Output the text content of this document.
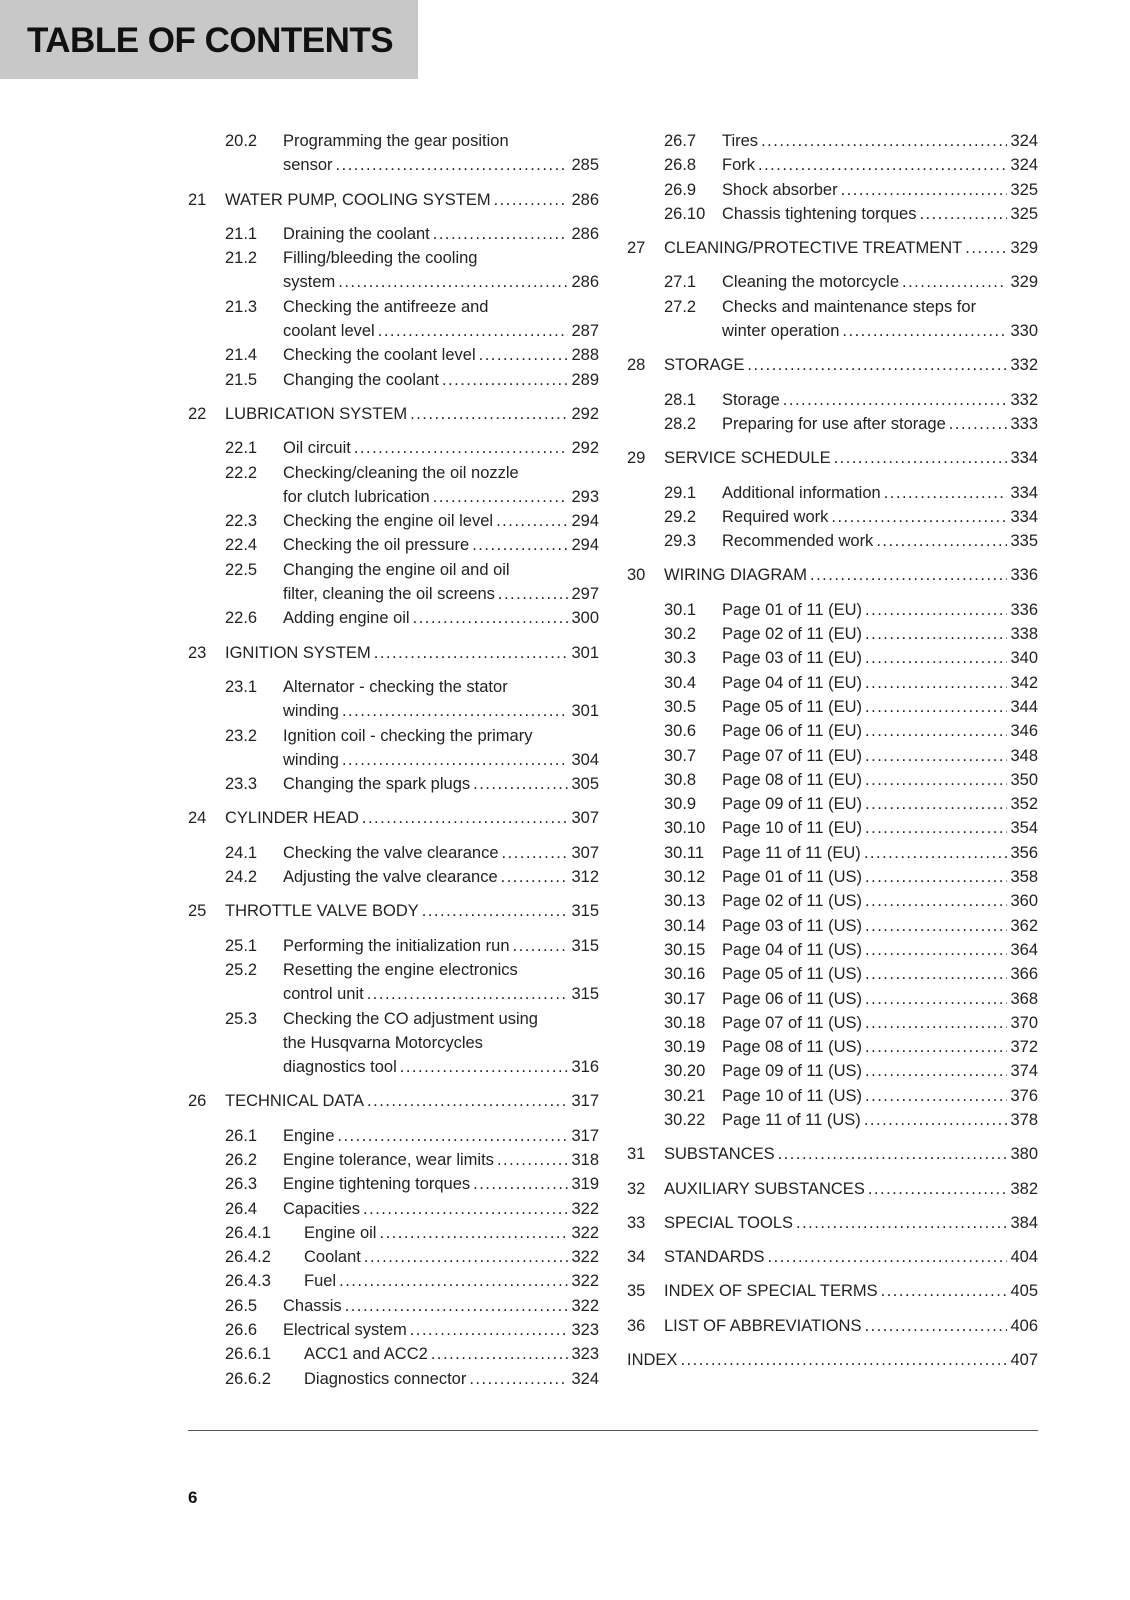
TABLE OF CONTENTS
20.2 Programming the gear position
sensor .....	285
21 WATER PUMP, COOLING SYSTEM .....	286
21.1 Draining the coolant .....	286
21.2 Filling/bleeding the cooling
system .....	286
21.3 Checking the antifreeze and
coolant level .....	287
21.4 Checking the coolant level .....	288
21.5 Changing the coolant .....	289
22 LUBRICATION SYSTEM .....	292
22.1 Oil circuit .....	292
22.2 Checking/cleaning the oil nozzle
for clutch lubrication .....	293
22.3 Checking the engine oil level .....	294
22.4 Checking the oil pressure .....	294
22.5 Changing the engine oil and oil
filter, cleaning the oil screens .....	297
22.6 Adding engine oil .....	300
23 IGNITION SYSTEM .....	301
23.1 Alternator - checking the stator
winding .....	301
23.2 Ignition coil - checking the primary
winding .....	304
23.3 Changing the spark plugs .....	305
24 CYLINDER HEAD .....	307
24.1 Checking the valve clearance .....	307
24.2 Adjusting the valve clearance .....	312
25 THROTTLE VALVE BODY .....	315
25.1 Performing the initialization run .....	315
25.2 Resetting the engine electronics
control unit .....	315
25.3 Checking the CO adjustment using
the Husqvarna Motorcycles
diagnostics tool .....	316
26 TECHNICAL DATA .....	317
26.1 Engine .....	317
26.2 Engine tolerance, wear limits .....	318
26.3 Engine tightening torques .....	319
26.4 Capacities .....	322
26.4.1 Engine oil .....	322
26.4.2 Coolant .....	322
26.4.3 Fuel .....	322
26.5 Chassis .....	322
26.6 Electrical system .....	323
26.6.1 ACC1 and ACC2 .....	323
26.6.2 Diagnostics connector .....	324
26.7 Tires .....	324
26.8 Fork .....	324
26.9 Shock absorber .....	325
26.10 Chassis tightening torques .....	325
27 CLEANING/PROTECTIVE TREATMENT .....	329
27.1 Cleaning the motorcycle .....	329
27.2 Checks and maintenance steps for
winter operation .....	330
28 STORAGE .....	332
28.1 Storage .....	332
28.2 Preparing for use after storage .....	333
29 SERVICE SCHEDULE .....	334
29.1 Additional information .....	334
29.2 Required work .....	334
29.3 Recommended work .....	335
30 WIRING DIAGRAM .....	336
30.1 Page 01 of 11 (EU) .....	336
30.2 Page 02 of 11 (EU) .....	338
30.3 Page 03 of 11 (EU) .....	340
30.4 Page 04 of 11 (EU) .....	342
30.5 Page 05 of 11 (EU) .....	344
30.6 Page 06 of 11 (EU) .....	346
30.7 Page 07 of 11 (EU) .....	348
30.8 Page 08 of 11 (EU) .....	350
30.9 Page 09 of 11 (EU) .....	352
30.10 Page 10 of 11 (EU) .....	354
30.11 Page 11 of 11 (EU) .....	356
30.12 Page 01 of 11 (US) .....	358
30.13 Page 02 of 11 (US) .....	360
30.14 Page 03 of 11 (US) .....	362
30.15 Page 04 of 11 (US) .....	364
30.16 Page 05 of 11 (US) .....	366
30.17 Page 06 of 11 (US) .....	368
30.18 Page 07 of 11 (US) .....	370
30.19 Page 08 of 11 (US) .....	372
30.20 Page 09 of 11 (US) .....	374
30.21 Page 10 of 11 (US) .....	376
30.22 Page 11 of 11 (US) .....	378
31 SUBSTANCES .....	380
32 AUXILIARY SUBSTANCES .....	382
33 SPECIAL TOOLS .....	384
34 STANDARDS .....	404
35 INDEX OF SPECIAL TERMS .....	405
36 LIST OF ABBREVIATIONS .....	406
INDEX .....	407
6
